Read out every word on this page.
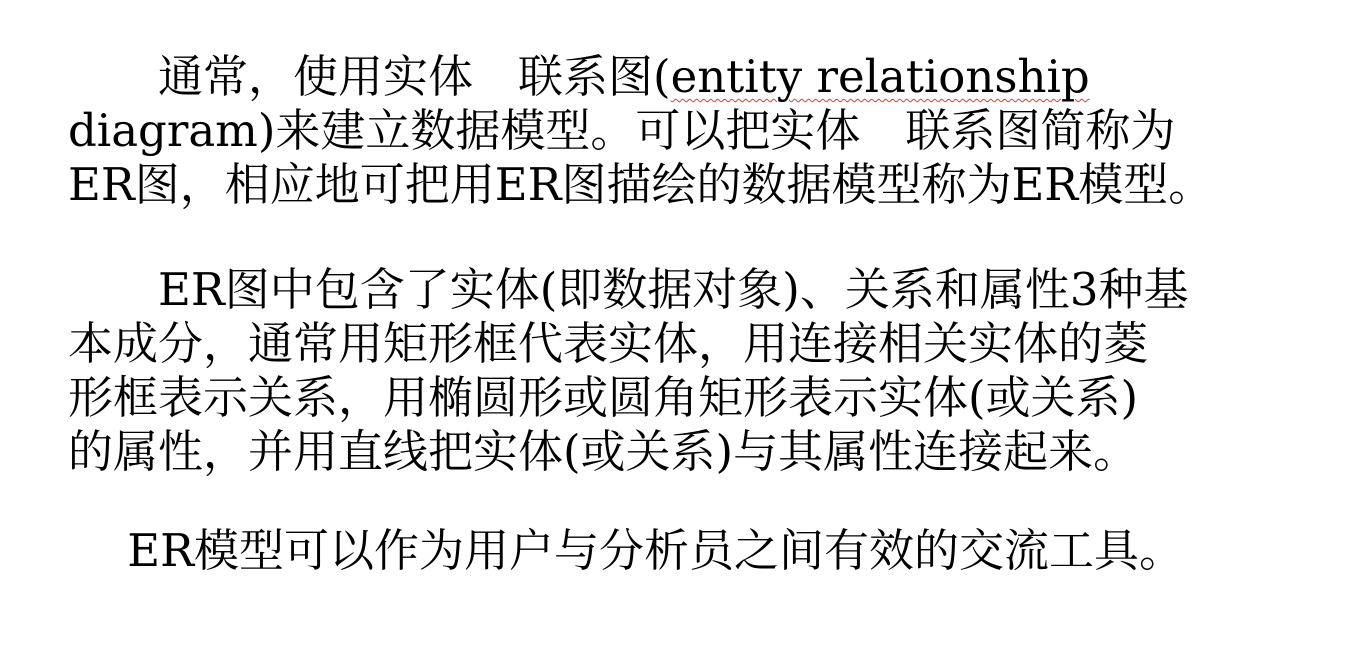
　　通常，使用实体　联系图(entity relationship
diagram)来建立数据模型。可以把实体　联系图简称为
ER图，相应地可把用ER图描绘的数据模型称为ER模型。

　　ER图中包含了实体(即数据对象)、关系和属性3种基
本成分，通常用矩形框代表实体，用连接相关实体的菱
形框表示关系，用椭圆形或圆角矩形表示实体(或关系)
的属性，并用直线把实体(或关系)与其属性连接起来。

　 ER模型可以作为用户与分析员之间有效的交流工具。
